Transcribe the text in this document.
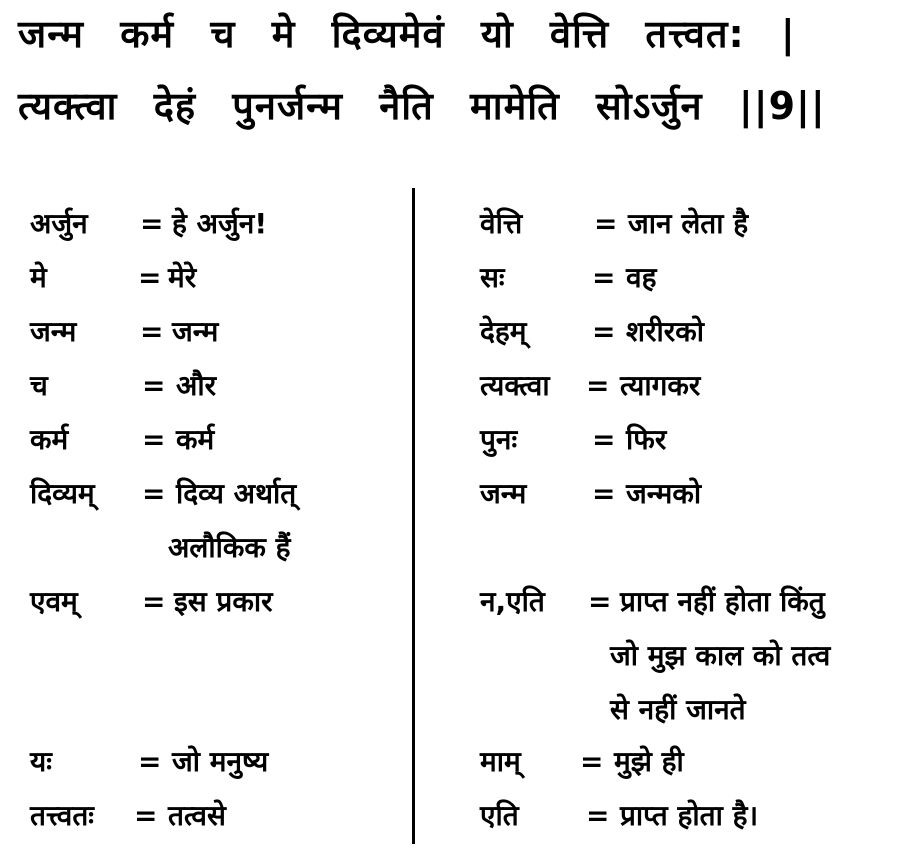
जन्म कर्म च मे दिव्यमेवं यो वेत्ति तत्त्वत: |
त्यक्त्वा देहं पुनर्जन्म नैति मामेति सोऽर्जुन ||9||
अर्जुन = हे अर्जुन!
मे	= मेरे
जन्म = जन्म
च	= और
कर्म	= कर्म
दिव्यम् = दिव्य अर्थात्
अलौकिक हैं
एवम् = इस प्रकार
यः	= जो मनुष्य
तत्त्वतः = तत्वसे
वेत्ति	= जान लेता है
सः	= वह
देहम् = शरीरको
त्यक्त्वा = त्यागकर
पुनः	= फिर
जन्म = जन्मको
न,एति = प्राप्त नहीं होता किंतु
जो मुझ काल को तत्व
से नहीं जानते
माम् = मुझे ही
एति = प्राप्त होता है।
